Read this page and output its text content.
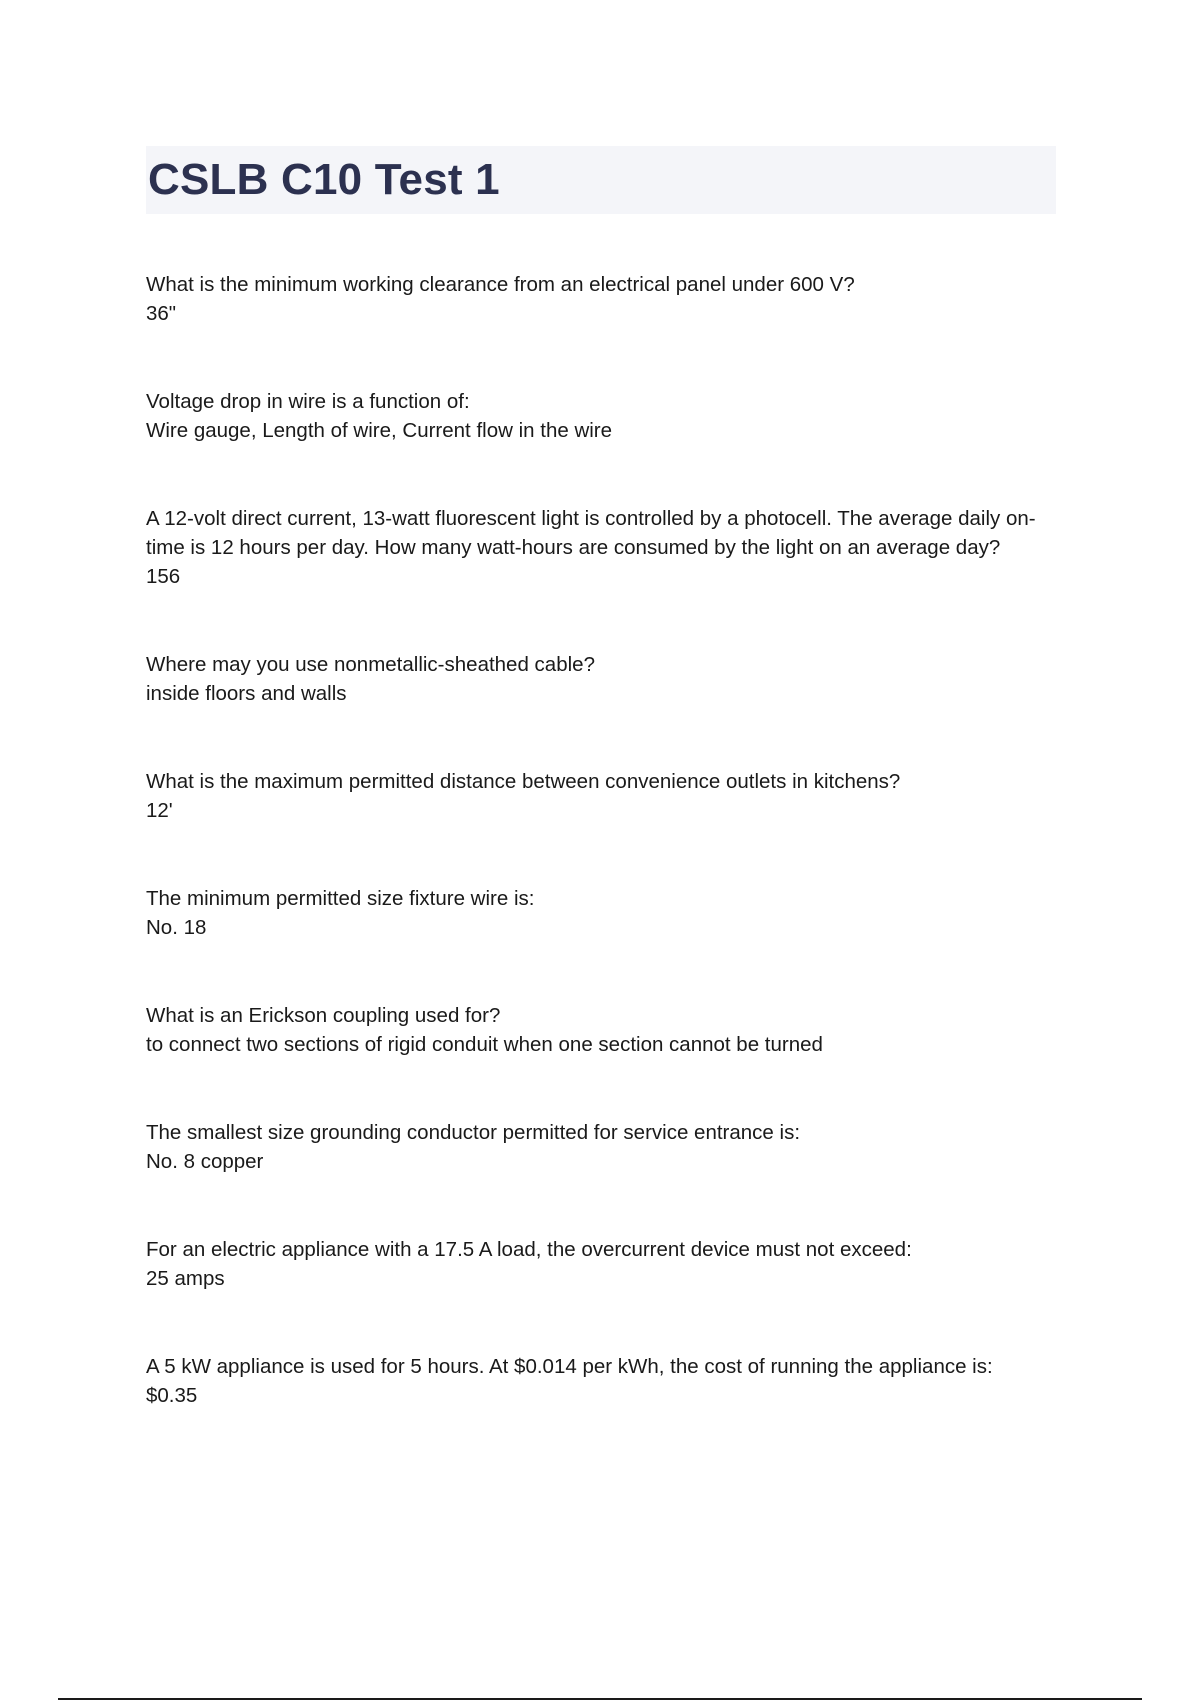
CSLB C10 Test 1
What is the minimum working clearance from an electrical panel under 600 V?
36"
Voltage drop in wire is a function of:
Wire gauge, Length of wire, Current flow in the wire
A 12-volt direct current, 13-watt fluorescent light is controlled by a photocell. The average daily on-time is 12 hours per day. How many watt-hours are consumed by the light on an average day?
156
Where may you use nonmetallic-sheathed cable?
inside floors and walls
What is the maximum permitted distance between convenience outlets in kitchens?
12'
The minimum permitted size fixture wire is:
No. 18
What is an Erickson coupling used for?
to connect two sections of rigid conduit when one section cannot be turned
The smallest size grounding conductor permitted for service entrance is:
No. 8 copper
For an electric appliance with a 17.5 A load, the overcurrent device must not exceed:
25 amps
A 5 kW appliance is used for 5 hours. At $0.014 per kWh, the cost of running the appliance is:
$0.35
